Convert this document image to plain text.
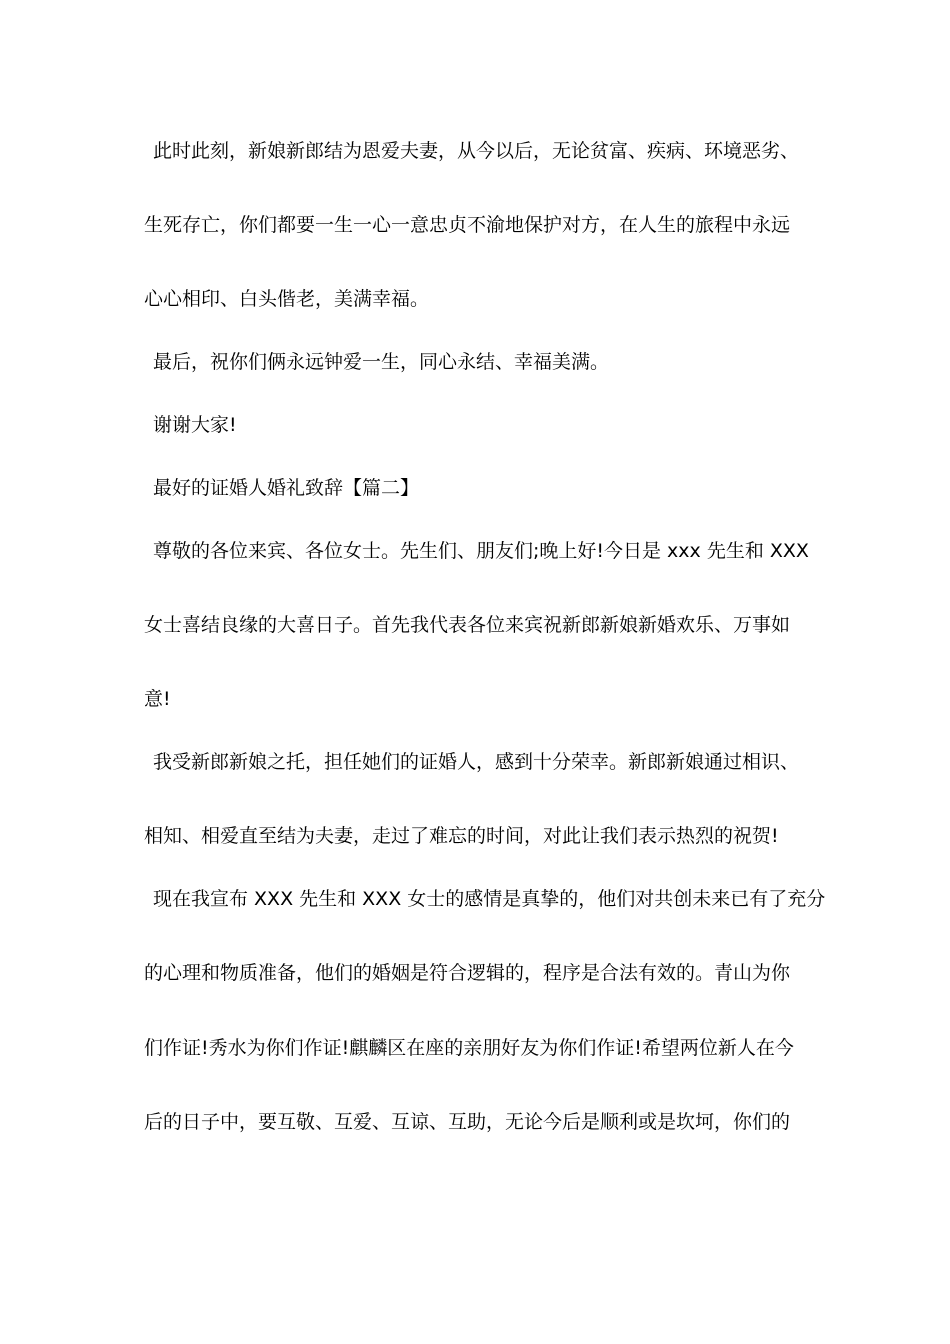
此时此刻，新娘新郎结为恩爱夫妻，从今以后，无论贫富、疾病、环境恶劣、
生死存亡，你们都要一生一心一意忠贞不渝地保护对方，在人生的旅程中永远
心心相印、白头偕老，美满幸福。
最后，祝你们俩永远钟爱一生，同心永结、幸福美满。
谢谢大家!
最好的证婚人婚礼致辞【篇二】
尊敬的各位来宾、各位女士。先生们、朋友们;晚上好!今日是 xxx 先生和 XXX
女士喜结良缘的大喜日子。首先我代表各位来宾祝新郎新娘新婚欢乐、万事如
意!
我受新郎新娘之托，担任她们的证婚人，感到十分荣幸。新郎新娘通过相识、
相知、相爱直至结为夫妻，走过了难忘的时间，对此让我们表示热烈的祝贺!
现在我宣布 XXX 先生和 XXX 女士的感情是真挚的，他们对共创未来已有了充分
的心理和物质准备，他们的婚姻是符合逻辑的，程序是合法有效的。青山为你
们作证!秀水为你们作证!麒麟区在座的亲朋好友为你们作证!希望两位新人在今
后的日子中，要互敬、互爱、互谅、互助，无论今后是顺利或是坎坷，你们的
